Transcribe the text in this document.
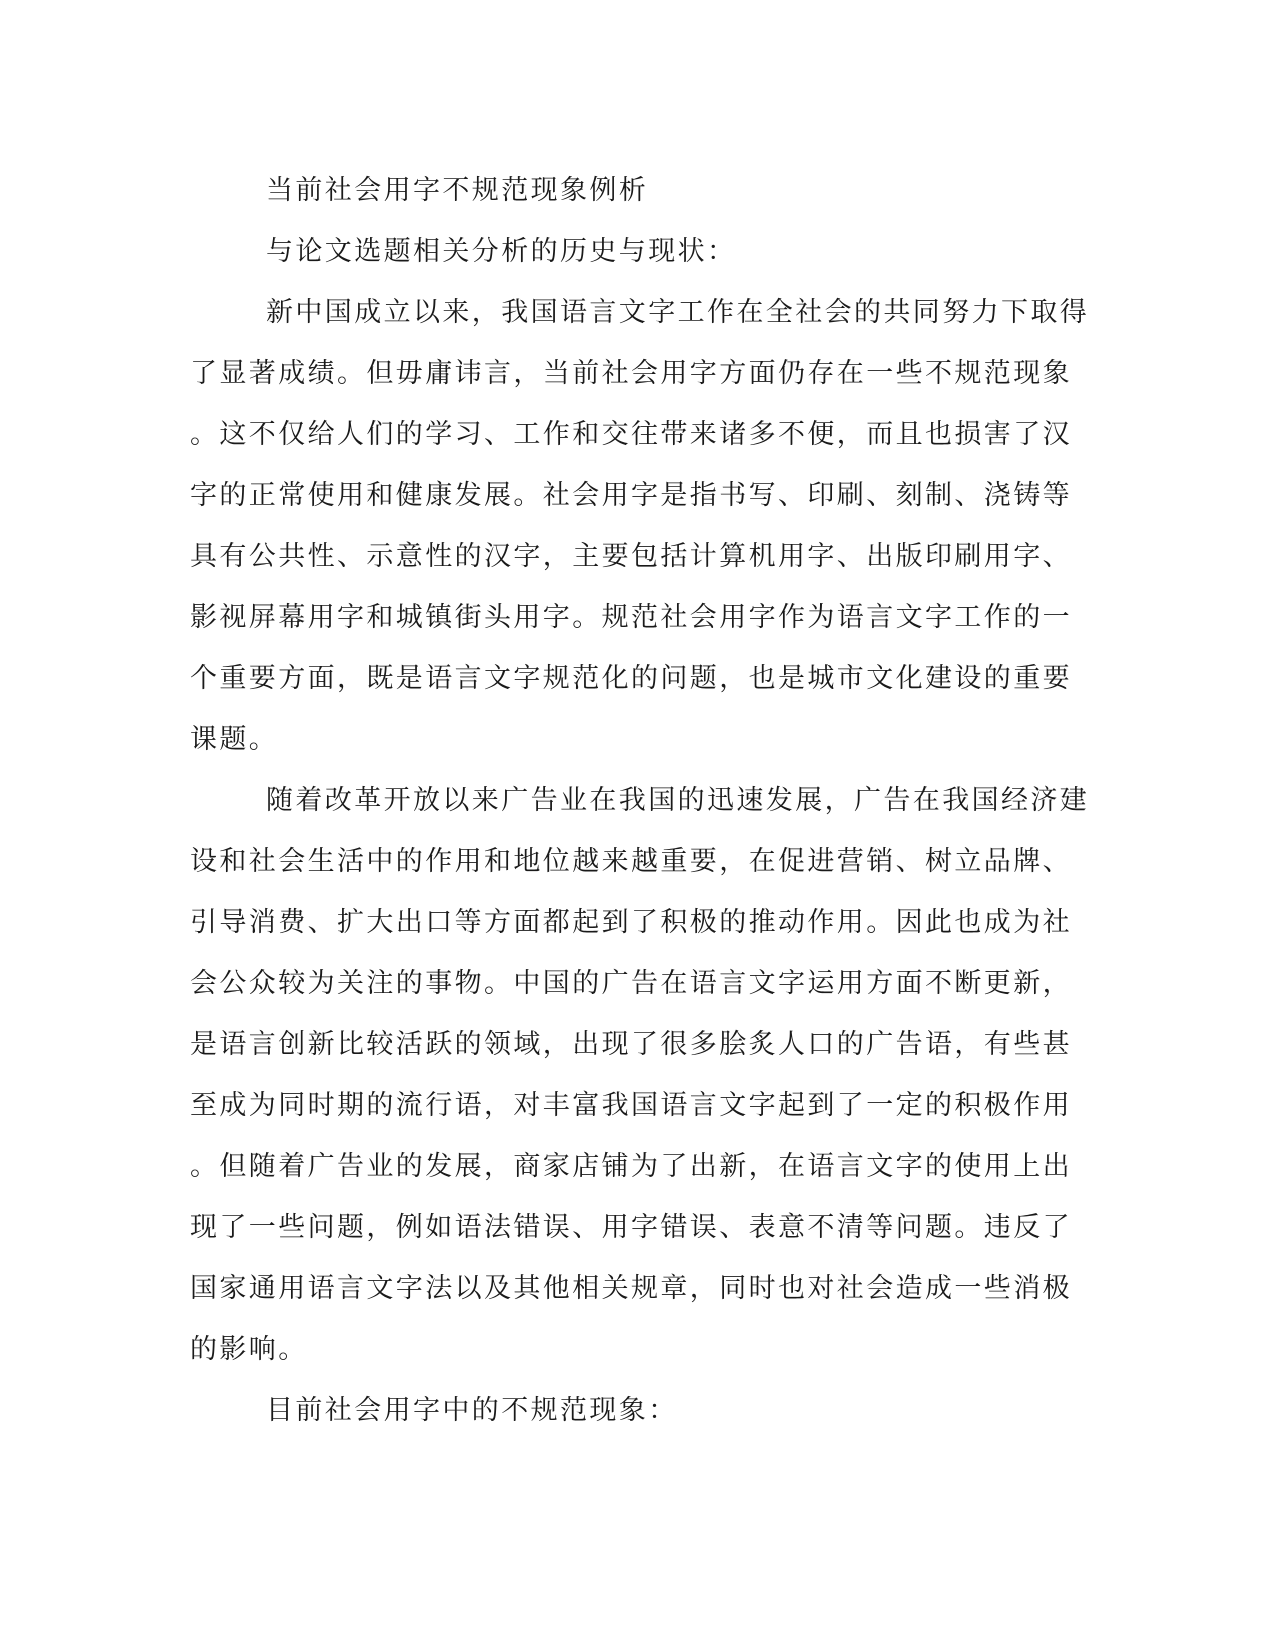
当前社会用字不规范现象例析

与论文选题相关分析的历史与现状：

新中国成立以来，我国语言文字工作在全社会的共同努力下取得

了显著成绩。但毋庸讳言，当前社会用字方面仍存在一些不规范现象

。这不仅给人们的学习、工作和交往带来诸多不便，而且也损害了汉

字的正常使用和健康发展。社会用字是指书写、印刷、刻制、浇铸等

具有公共性、示意性的汉字，主要包括计算机用字、出版印刷用字、

影视屏幕用字和城镇街头用字。规范社会用字作为语言文字工作的一

个重要方面，既是语言文字规范化的问题，也是城市文化建设的重要

课题。

随着改革开放以来广告业在我国的迅速发展，广告在我国经济建

设和社会生活中的作用和地位越来越重要，在促进营销、树立品牌、

引导消费、扩大出口等方面都起到了积极的推动作用。因此也成为社

会公众较为关注的事物。中国的广告在语言文字运用方面不断更新，

是语言创新比较活跃的领域，出现了很多脍炙人口的广告语，有些甚

至成为同时期的流行语，对丰富我国语言文字起到了一定的积极作用

。但随着广告业的发展，商家店铺为了出新，在语言文字的使用上出

现了一些问题，例如语法错误、用字错误、表意不清等问题。违反了

国家通用语言文字法以及其他相关规章，同时也对社会造成一些消极

的影响。

目前社会用字中的不规范现象：
